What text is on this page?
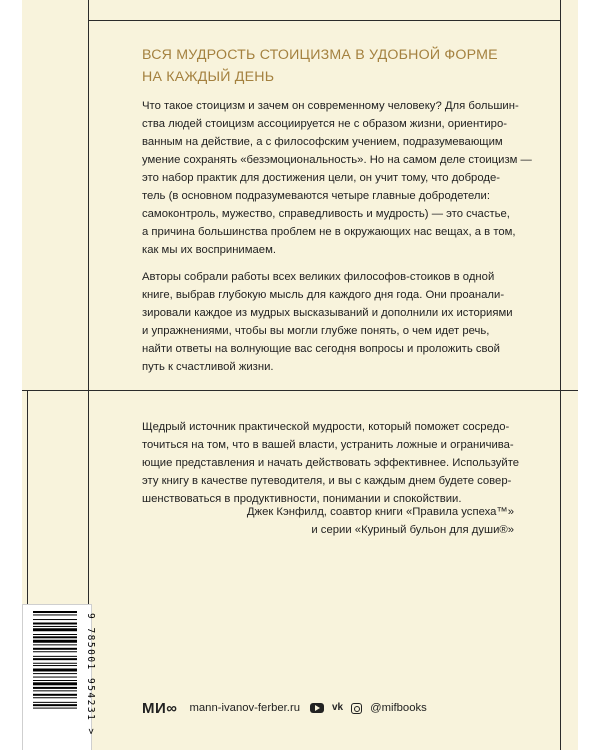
ВСЯ МУДРОСТЬ СТОИЦИЗМА В УДОБНОЙ ФОРМЕ
НА КАЖДЫЙ ДЕНЬ
Что такое стоицизм и зачем он современному человеку? Для большин-
ства людей стоицизм ассоциируется не с образом жизни, ориентиро-
ванным на действие, а с философским учением, подразумевающим
умение сохранять «безэмоциональность». Но на самом деле стоицизм —
это набор практик для достижения цели, он учит тому, что доброде-
тель (в основном подразумеваются четыре главные добродетели:
самоконтроль, мужество, справедливость и мудрость) — это счастье,
а причина большинства проблем не в окружающих нас вещах, а в том,
как мы их воспринимаем.
Авторы собрали работы всех великих философов-стоиков в одной
книге, выбрав глубокую мысль для каждого дня года. Они проанали-
зировали каждое из мудрых высказываний и дополнили их историями
и упражнениями, чтобы вы могли глубже понять, о чем идет речь,
найти ответы на волнующие вас сегодня вопросы и проложить свой
путь к счастливой жизни.
Щедрый источник практической мудрости, который поможет сосредо-
точиться на том, что в вашей власти, устранить ложные и ограничива-
ющие представления и начать действовать эффективнее. Используйте
эту книгу в качестве путеводителя, и вы с каждым днем будете совер-
шенствоваться в продуктивности, понимании и спокойствии.
Джек Кэнфилд, соавтор книги «Правила успеха™»
и серии «Куриный бульон для души®»
МИ∞ mann-ivanov-ferber.ru	vk @mifbooks
9 785001 954231 >
